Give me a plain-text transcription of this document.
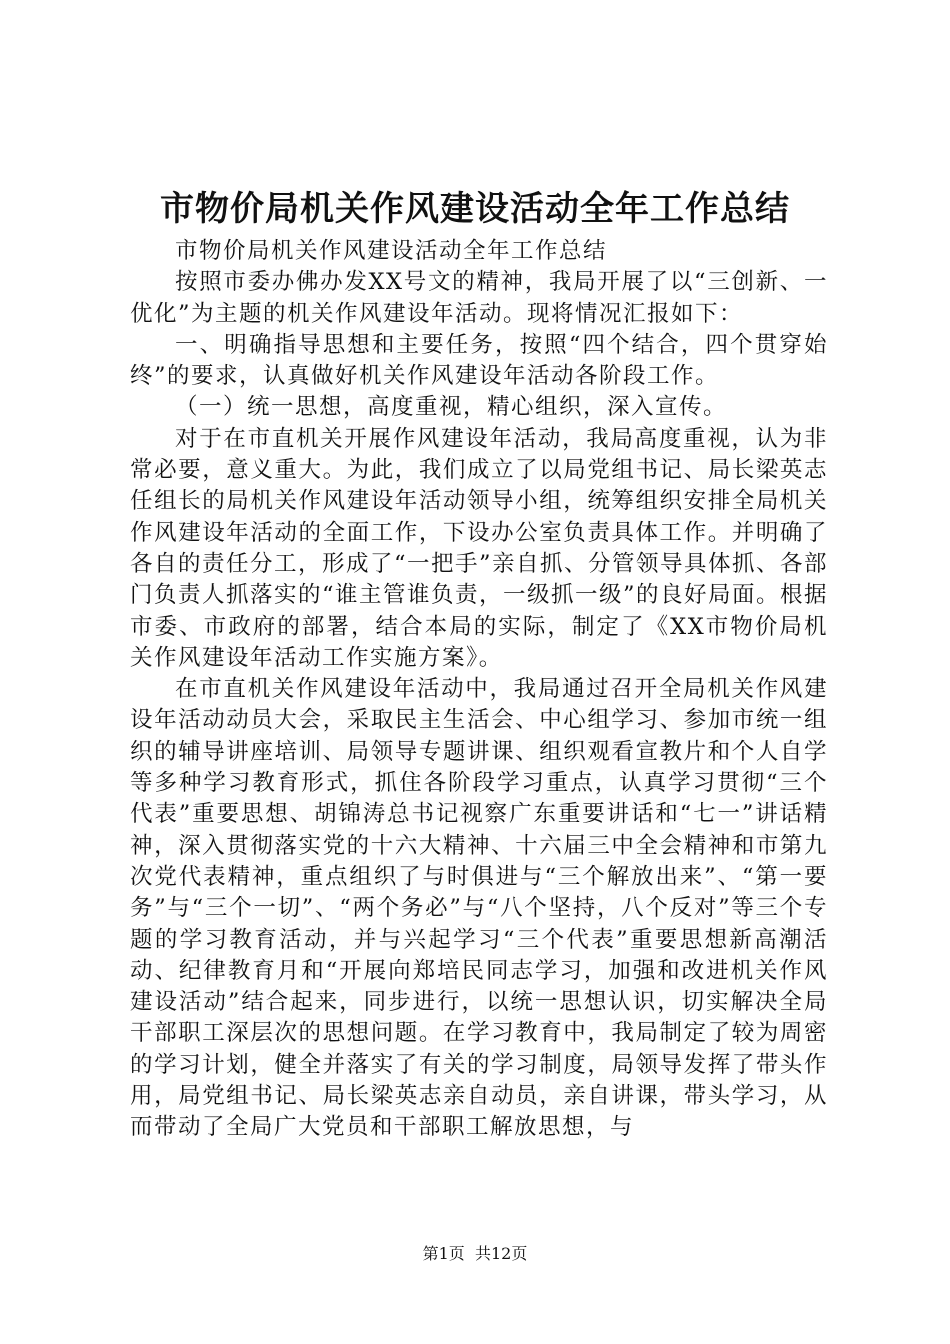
市物价局机关作风建设活动全年工作总结

市物价局机关作风建设活动全年工作总结

按照市委办佛办发XX号文的精神，我局开展了以“三创新、一优化”为主题的机关作风建设年活动。现将情况汇报如下：

一、明确指导思想和主要任务，按照“四个结合，四个贯穿始终”的要求，认真做好机关作风建设年活动各阶段工作。

（一）统一思想，高度重视，精心组织，深入宣传。

对于在市直机关开展作风建设年活动，我局高度重视，认为非常必要，意义重大。为此，我们成立了以局党组书记、局长梁英志任组长的局机关作风建设年活动领导小组，统筹组织安排全局机关作风建设年活动的全面工作，下设办公室负责具体工作。并明确了各自的责任分工，形成了“一把手”亲自抓、分管领导具体抓、各部门负责人抓落实的“谁主管谁负责，一级抓一级”的良好局面。根据市委、市政府的部署，结合本局的实际，制定了《XX市物价局机关作风建设年活动工作实施方案》。

在市直机关作风建设年活动中，我局通过召开全局机关作风建设年活动动员大会，采取民主生活会、中心组学习、参加市统一组织的辅导讲座培训、局领导专题讲课、组织观看宣教片和个人自学等多种学习教育形式，抓住各阶段学习重点，认真学习贯彻“三个代表”重要思想、胡锦涛总书记视察广东重要讲话和“七一”讲话精神，深入贯彻落实党的十六大精神、十六届三中全会精神和市第九次党代表精神，重点组织了与时俱进与“三个解放出来”、“第一要务”与“三个一切”、“两个务必”与“八个坚持，八个反对”等三个专题的学习教育活动，并与兴起学习“三个代表”重要思想新高潮活动、纪律教育月和“开展向郑培民同志学习，加强和改进机关作风建设活动”结合起来，同步进行，以统一思想认识，切实解决全局干部职工深层次的思想问题。在学习教育中，我局制定了较为周密的学习计划，健全并落实了有关的学习制度，局领导发挥了带头作用，局党组书记、局长梁英志亲自动员，亲自讲课，带头学习，从而带动了全局广大党员和干部职工解放思想，与

第1页 共12页
